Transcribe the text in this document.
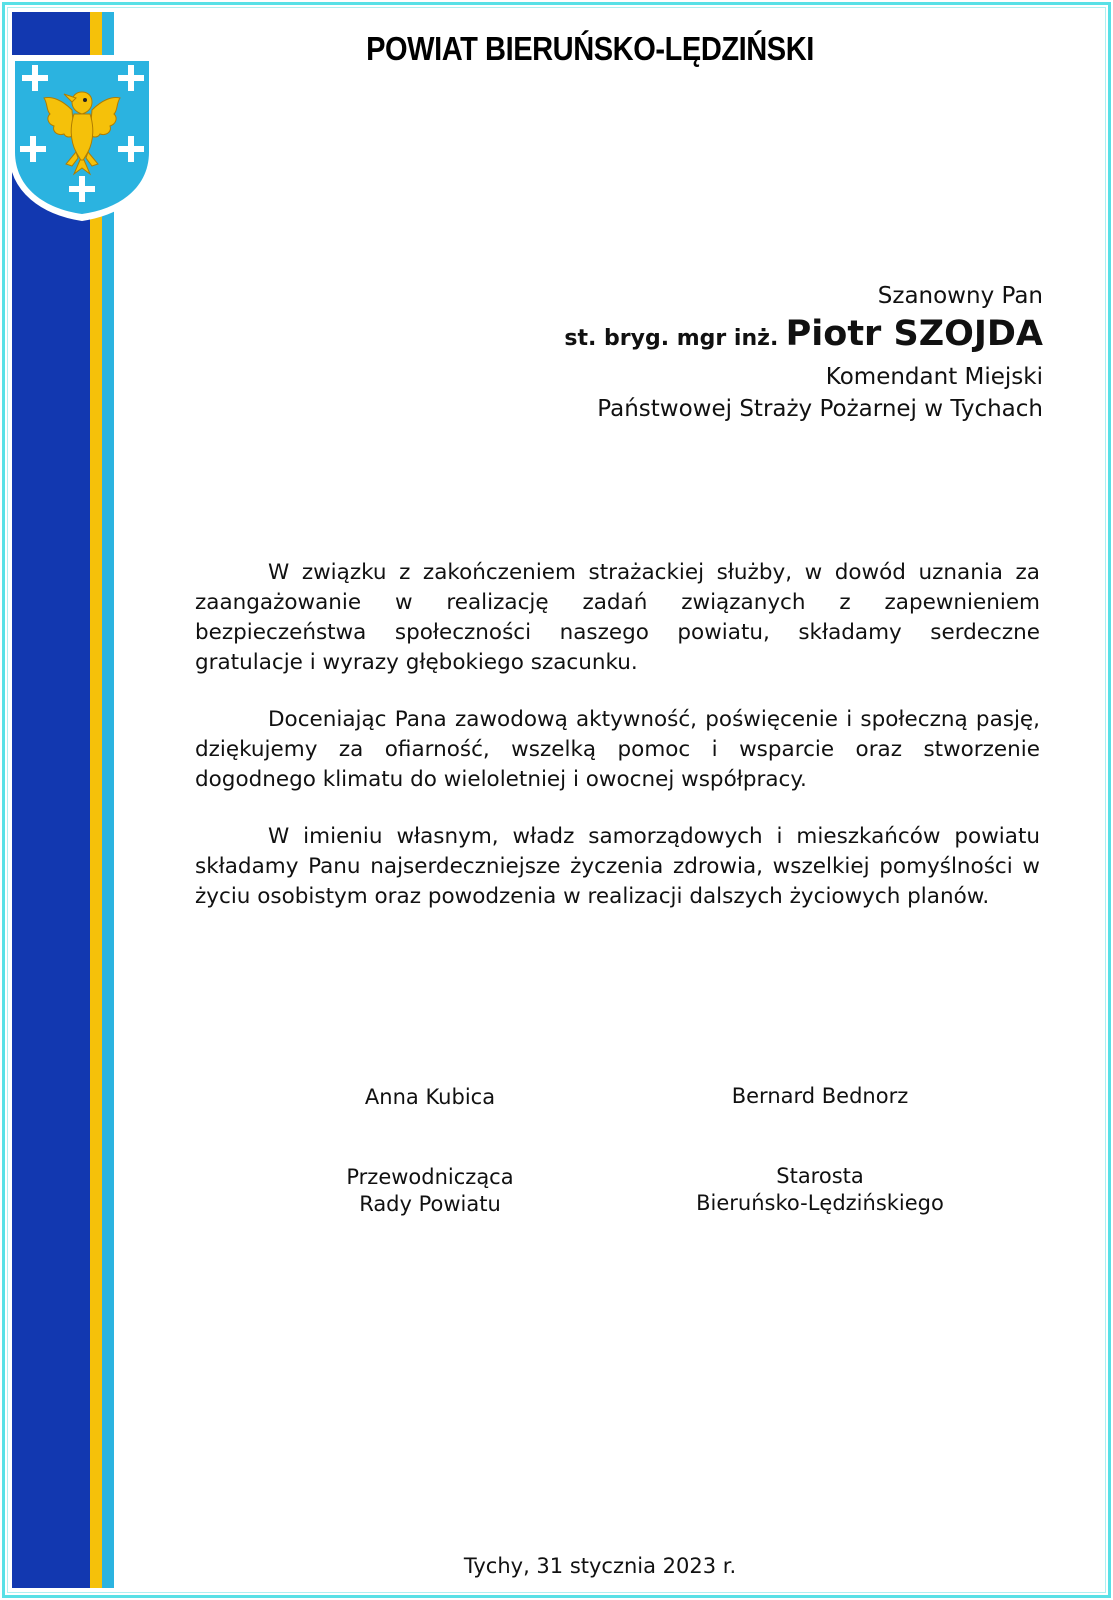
POWIAT BIERUŃSKO-LĘDZIŃSKI
Szanowny Pan
st. bryg. mgr inż. Piotr SZOJDA
Komendant Miejski
Państwowej Straży Pożarnej w Tychach

W związku z zakończeniem strażackiej służby, w dowód uznania za zaangażowanie w realizację zadań związanych z zapewnieniem bezpieczeństwa społeczności naszego powiatu, składamy serdeczne gratulacje i wyrazy głębokiego szacunku.

Doceniając Pana zawodową aktywność, poświęcenie i społeczną pasję, dziękujemy za ofiarność, wszelką pomoc i wsparcie oraz stworzenie dogodnego klimatu do wieloletniej i owocnej współpracy.

W imieniu własnym, władz samorządowych i mieszkańców powiatu składamy Panu najserdeczniejsze życzenia zdrowia, wszelkiej pomyślności w życiu osobistym oraz powodzenia w realizacji dalszych życiowych planów.

Anna Kubica
Przewodnicząca
Rady Powiatu
Bernard Bednorz
Starosta
Bieruńsko-Lędzińskiego
Tychy, 31 stycznia 2023 r.
